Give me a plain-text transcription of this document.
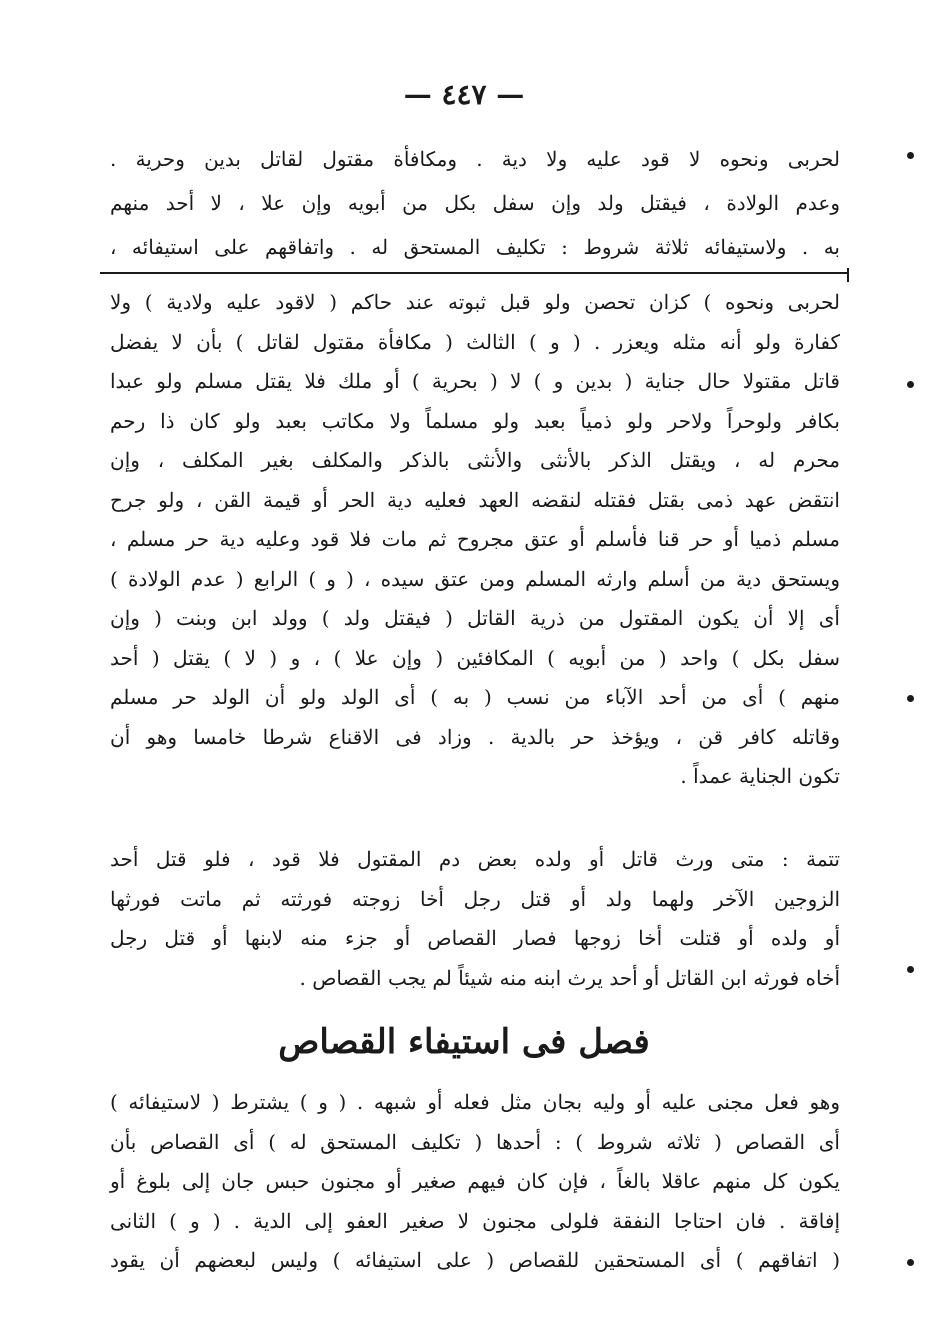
— ٤٤٧ —
لحربى ونحوه لا قود عليه ولا دية . ومكافأة مقتول لقاتل بدين وحرية .
وعدم الولادة ، فيقتل ولد وإن سفل بكل من أبويه وإن علا ، لا أحد منهم
به . ولاستيفائه ثلاثة شروط : تكليف المستحق له . واتفاقهم على استيفائه ،
لحربى ونحوه ) كزان تحصن ولو قبل ثبوته عند حاكم ( لاقود عليه ولادية ) ولا
كفارة ولو أنه مثله ويعزر . ( و ) الثالث ( مكافأة مقتول لقاتل ) بأن لا يفضل
قاتل مقتولا حال جناية ( بدين و ) لا ( بحرية ) أو ملك فلا يقتل مسلم ولو عبدا
بكافر ولوحراً ولاحر ولو ذمياً بعبد ولو مسلماً ولا مكاتب بعبد ولو كان ذا رحم
محرم له ، ويقتل الذكر بالأنثى والأنثى بالذكر والمكلف بغير المكلف ، وإن
انتقض عهد ذمى بقتل فقتله لنقضه العهد فعليه دية الحر أو قيمة القن ، ولو جرح
مسلم ذميا أو حر قنا فأسلم أو عتق مجروح ثم مات فلا قود وعليه دية حر مسلم ،
ويستحق دية من أسلم وارثه المسلم ومن عتق سيده ، ( و ) الرابع ( عدم الولادة )
أى إلا أن يكون المقتول من ذرية القاتل ( فيقتل ولد ) وولد ابن وبنت ( وإن
سفل بكل ) واحد ( من أبويه ) المكافئين ( وإن علا ) ، و ( لا ) يقتل ( أحد
منهم ) أى من أحد الآباء من نسب ( به ) أى الولد ولو أن الولد حر مسلم
وقاتله كافر قن ، ويؤخذ حر بالدية . وزاد فى الاقناع شرطا خامسا وهو أن
تكون الجناية عمداً .
تتمة : متى ورث قاتل أو ولده بعض دم المقتول فلا قود ، فلو قتل أحد
الزوجين الآخر ولهما ولد أو قتل رجل أخا زوجته فورثته ثم ماتت فورثها
أو ولده أو قتلت أخا زوجها فصار القصاص أو جزء منه لابنها أو قتل رجل
أخاه فورثه ابن القاتل أو أحد يرث ابنه منه شيئاً لم يجب القصاص .
فصل فى استيفاء القصاص
وهو فعل مجنى عليه أو وليه بجان مثل فعله أو شبهه . ( و ) يشترط ( لاستيفائه )
أى القصاص ( ثلاثه شروط ) : أحدها ( تكليف المستحق له ) أى القصاص بأن
يكون كل منهم عاقلا بالغاً ، فإن كان فيهم صغير أو مجنون حبس جان إلى بلوغ أو
إفاقة . فان احتاجا النفقة فلولى مجنون لا صغير العفو إلى الدية . ( و ) الثانى
( اتفاقهم ) أى المستحقين للقصاص ( على استيفائه ) وليس لبعضهم أن يقود
